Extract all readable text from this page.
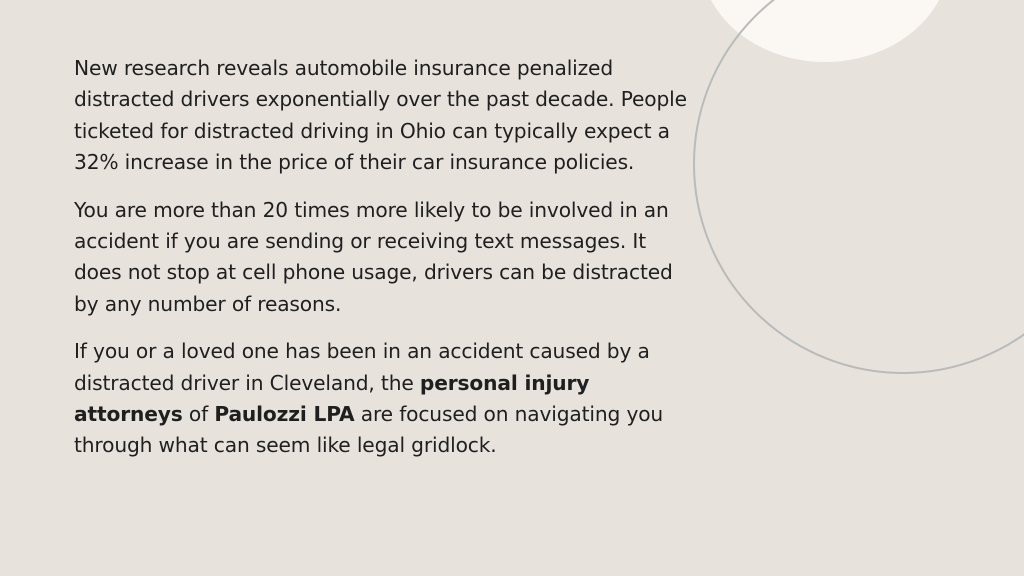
New research reveals automobile insurance penalized distracted drivers exponentially over the past decade. People ticketed for distracted driving in Ohio can typically expect a 32% increase in the price of their car insurance policies.

You are more than 20 times more likely to be involved in an accident if you are sending or receiving text messages. It does not stop at cell phone usage, drivers can be distracted by any number of reasons.

If you or a loved one has been in an accident caused by a distracted driver in Cleveland, the personal injury attorneys of Paulozzi LPA are focused on navigating you through what can seem like legal gridlock.
